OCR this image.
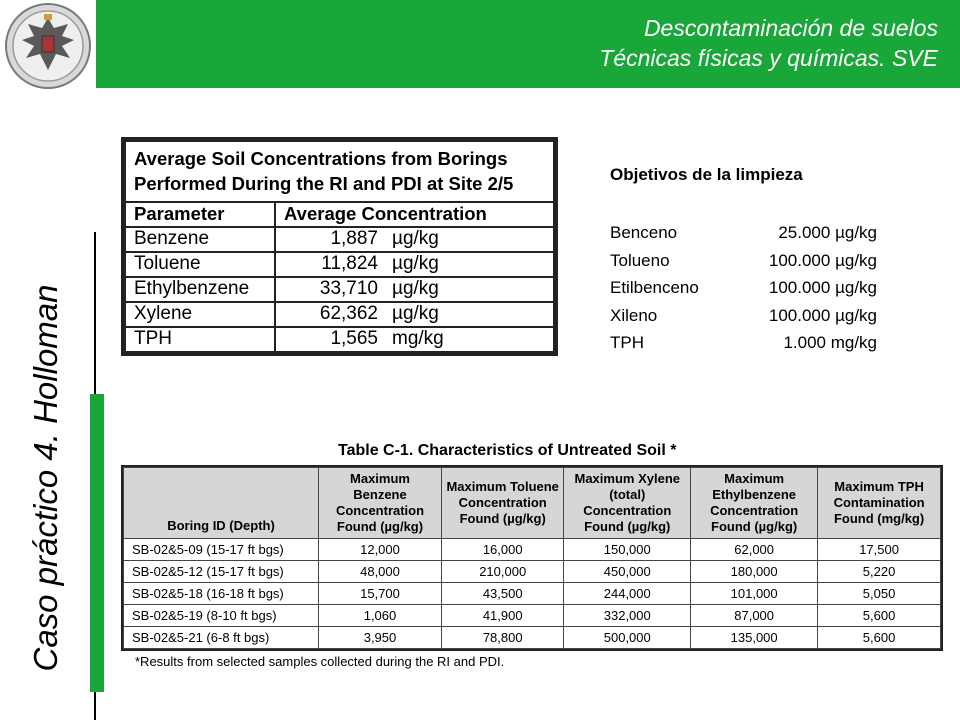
Descontaminación de suelos
Técnicas físicas y químicas. SVE
Caso práctico 4. Holloman
Average Soil Concentrations from Borings
Performed During the RI and PDI at Site 2/5	
Parameter	Average Concentration
Benzene	1,887 µg/kg
Toluene	11,824 µg/kg
Ethylbenzene	33,710 µg/kg
Xylene	62,362 µg/kg
TPH	1,565 mg/kg
Objetivos de la limpieza
Benceno	25.000 µg/kg
Tolueno	100.000 µg/kg
Etilbenceno	100.000 µg/kg
Xileno	100.000 µg/kg
TPH	1.000 mg/kg
Table C-1. Characteristics of Untreated Soil *
Boring ID (Depth)	Maximum Benzene Concentration Found (µg/kg)	Maximum Toluene Concentration Found (µg/kg)	Maximum Xylene (total) Concentration Found (µg/kg)	Maximum Ethylbenzene Concentration Found (µg/kg)	Maximum TPH Contamination Found (mg/kg)
SB-02&5-09 (15-17 ft bgs)	12,000	16,000	150,000	62,000	17,500
SB-02&5-12 (15-17 ft bgs)	48,000	210,000	450,000	180,000	5,220
SB-02&5-18 (16-18 ft bgs)	15,700	43,500	244,000	101,000	5,050
SB-02&5-19 (8-10 ft bgs)	1,060	41,900	332,000	87,000	5,600
SB-02&5-21 (6-8 ft bgs)	3,950	78,800	500,000	135,000	5,600
*Results from selected samples collected during the RI and PDI.
